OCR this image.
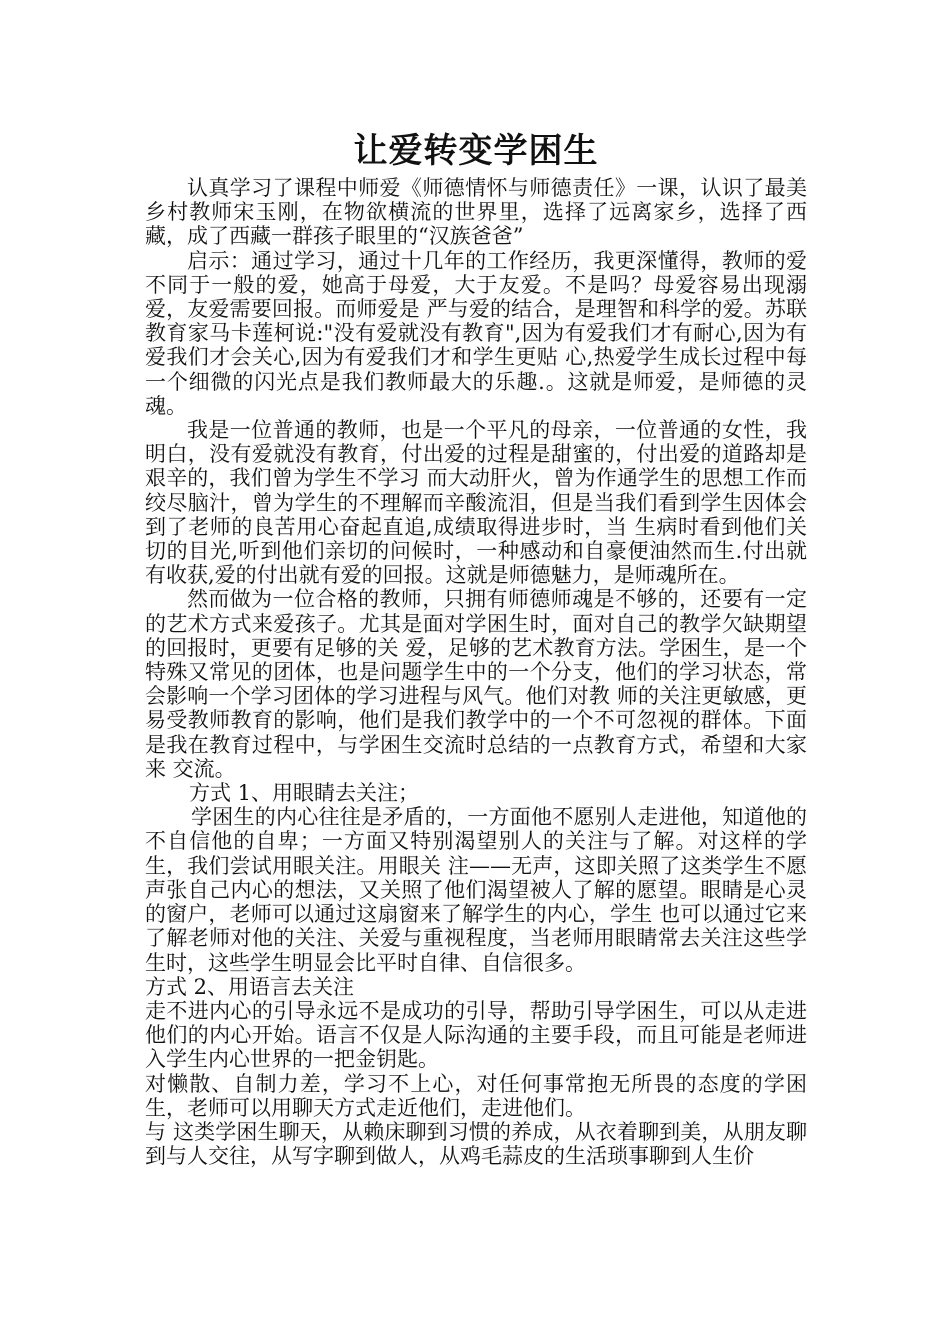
让爱转变学困生

认真学习了课程中师爱《师德情怀与师德责任》一课，认识了最美乡村教师宋玉刚，在物欲横流的世界里，选择了远离家乡，选择了西藏，成了西藏一群孩子眼里的“汉族爸爸”

启示：通过学习，通过十几年的工作经历，我更深懂得，教师的爱不同于一般的爱，她高于母爱，大于友爱。不是吗？母爱容易出现溺爱，友爱需要回报。而师爱是 严与爱的结合，是理智和科学的爱。苏联教育家马卡莲柯说:"没有爱就没有教育",因为有爱我们才有耐心,因为有爱我们才会关心,因为有爱我们才和学生更贴 心,热爱学生成长过程中每一个细微的闪光点是我们教师最大的乐趣.。这就是师爱，是师德的灵魂。

我是一位普通的教师，也是一个平凡的母亲，一位普通的女性，我明白，没有爱就没有教育，付出爱的过程是甜蜜的，付出爱的道路却是艰辛的，我们曾为学生不学习 而大动肝火，曾为作通学生的思想工作而绞尽脑汁，曾为学生的不理解而辛酸流泪，但是当我们看到学生因体会到了老师的良苦用心奋起直追,成绩取得进步时，当 生病时看到他们关切的目光,听到他们亲切的问候时，一种感动和自豪便油然而生.付出就有收获,爱的付出就有爱的回报。这就是师德魅力，是师魂所在。

然而做为一位合格的教师，只拥有师德师魂是不够的，还要有一定的艺术方式来爱孩子。尤其是面对学困生时，面对自己的教学欠缺期望的回报时，更要有足够的关 爱，足够的艺术教育方法。学困生，是一个特殊又常见的团体，也是问题学生中的一个分支，他们的学习状态，常会影响一个学习团体的学习进程与风气。他们对教 师的关注更敏感，更易受教师教育的影响，他们是我们教学中的一个不可忽视的群体。下面是我在教育过程中，与学困生交流时总结的一点教育方式，希望和大家来 交流。

方式 1、用眼睛去关注；

学困生的内心往往是矛盾的，一方面他不愿别人走进他，知道他的不自信他的自卑；一方面又特别渴望别人的关注与了解。对这样的学生，我们尝试用眼关注。用眼关 注——无声，这即关照了这类学生不愿声张自己内心的想法，又关照了他们渴望被人了解的愿望。眼睛是心灵的窗户，老师可以通过这扇窗来了解学生的内心，学生 也可以通过它来了解老师对他的关注、关爱与重视程度，当老师用眼睛常去关注这些学生时，这些学生明显会比平时自律、自信很多。

方式 2、用语言去关注

走不进内心的引导永远不是成功的引导，帮助引导学困生，可以从走进他们的内心开始。语言不仅是人际沟通的主要手段，而且可能是老师进入学生内心世界的一把金钥匙。

对懒散、自制力差，学习不上心，对任何事常抱无所畏的态度的学困生，老师可以用聊天方式走近他们，走进他们。

与 这类学困生聊天，从赖床聊到习惯的养成，从衣着聊到美，从朋友聊到与人交往，从写字聊到做人，从鸡毛蒜皮的生活琐事聊到人生价
